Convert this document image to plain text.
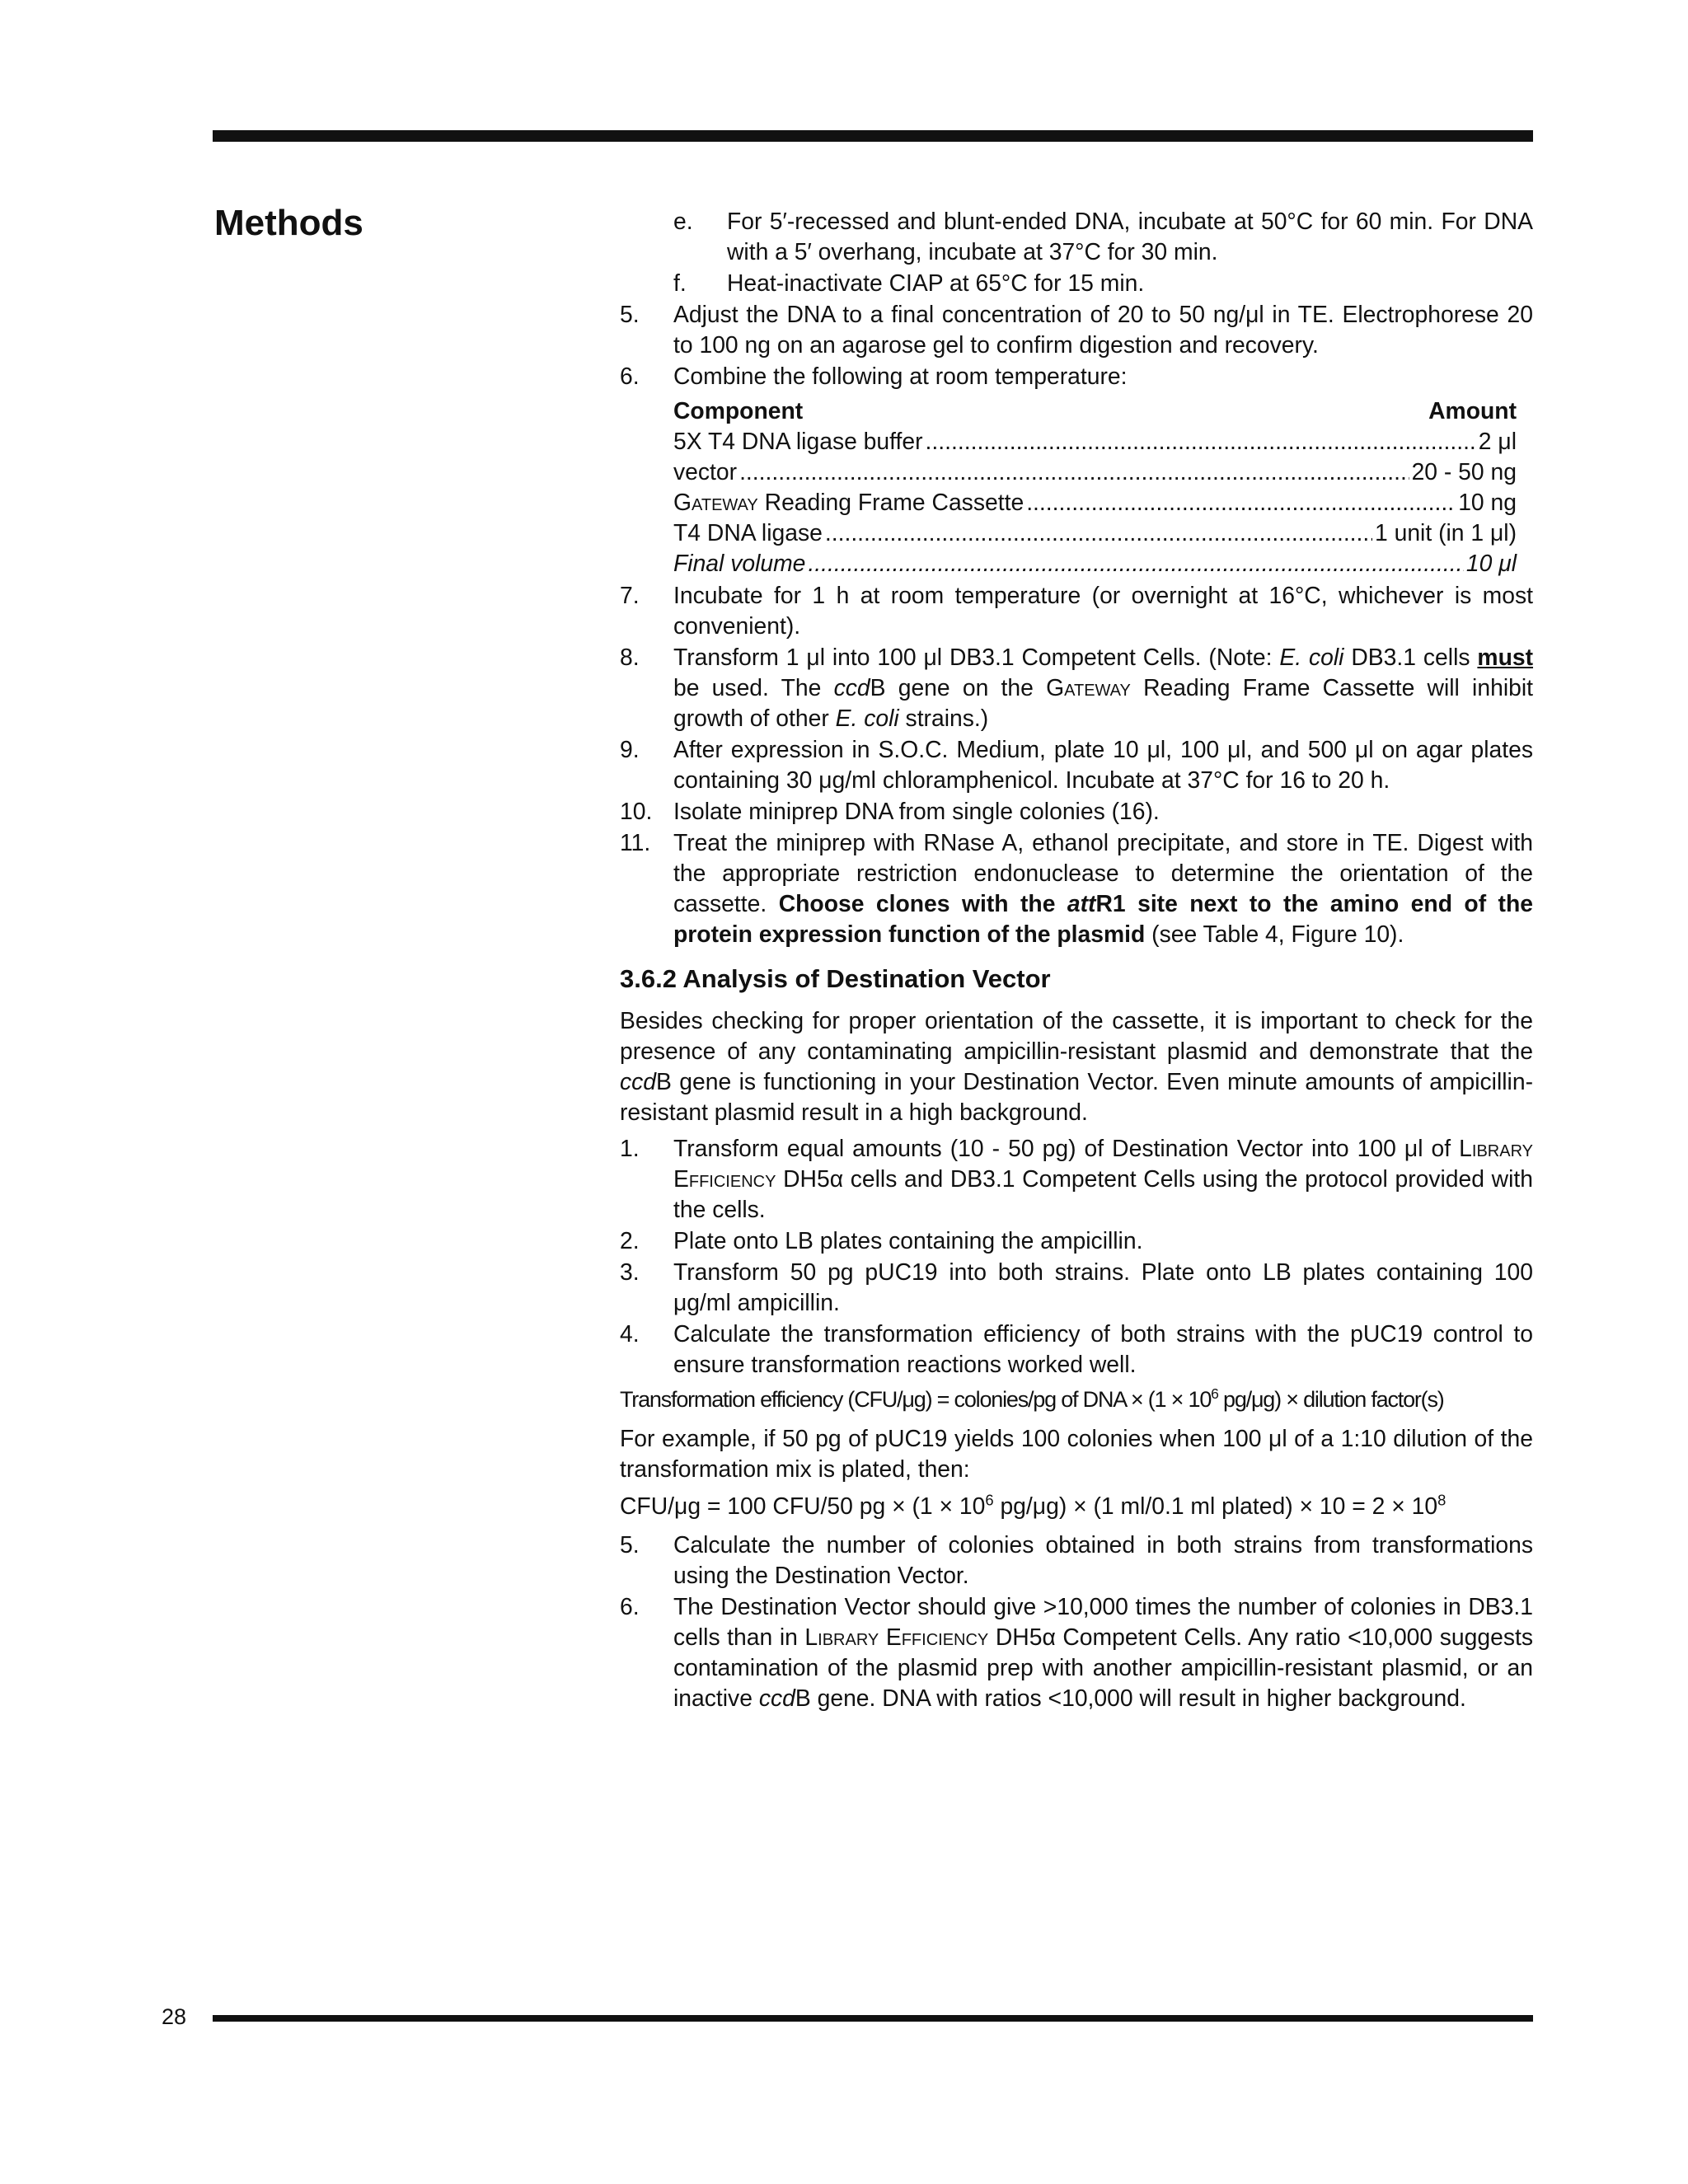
Methods	e. For 5′-recessed and blunt-ended DNA, incubate at 50°C for 60 min. For DNA with a 5′ overhang, incubate at 37°C for 30 min.
f. Heat-inactivate CIAP at 65°C for 15 min.
5. Adjust the DNA to a final concentration of 20 to 50 ng/μl in TE. Electrophorese 20 to 100 ng on an agarose gel to confirm digestion and recovery.
6. Combine the following at room temperature:
Component	Amount
5X T4 DNA ligase buffer .....	2 μl
vector .....	20 - 50 ng
Gateway Reading Frame Cassette .....	10 ng
T4 DNA ligase .....	1 unit (in 1 μl)
Final volume .....	10 μl
7. Incubate for 1 h at room temperature (or overnight at 16°C, whichever is most convenient).
8. Transform 1 μl into 100 μl DB3.1 Competent Cells. (Note: E. coli DB3.1 cells must be used. The ccdB gene on the Gateway Reading Frame Cassette will inhibit growth of other E. coli strains.)
9. After expression in S.O.C. Medium, plate 10 μl, 100 μl, and 500 μl on agar plates containing 30 μg/ml chloramphenicol. Incubate at 37°C for 16 to 20 h.
10. Isolate miniprep DNA from single colonies (16).
11. Treat the miniprep with RNase A, ethanol precipitate, and store in TE. Digest with the appropriate restriction endonuclease to determine the orientation of the cassette. Choose clones with the attR1 site next to the amino end of the protein expression function of the plasmid (see Table 4, Figure 10).
3.6.2 Analysis of Destination Vector
Besides checking for proper orientation of the cassette, it is important to check for the presence of any contaminating ampicillin-resistant plasmid and demonstrate that the ccdB gene is functioning in your Destination Vector. Even minute amounts of ampicillin-resistant plasmid result in a high background.
1. Transform equal amounts (10 - 50 pg) of Destination Vector into 100 μl of Library Efficiency DH5α cells and DB3.1 Competent Cells using the protocol provided with the cells.
2. Plate onto LB plates containing the ampicillin.
3. Transform 50 pg pUC19 into both strains. Plate onto LB plates containing 100 μg/ml ampicillin.
4. Calculate the transformation efficiency of both strains with the pUC19 control to ensure transformation reactions worked well.
Transformation efficiency (CFU/μg) = colonies/pg of DNA × ($1 \times 10^6$ pg/μg) × dilution factor(s)
For example, if 50 pg of pUC19 yields 100 colonies when 100 μl of a 1:10 dilution of the transformation mix is plated, then:
CFU/μg = 100 CFU/50 pg × ($1 \times 10^6$ pg/μg) × (1 ml/0.1 ml plated) × $10 = 2 \times 10^8$
5. Calculate the number of colonies obtained in both strains from transformations using the Destination Vector.
6. The Destination Vector should give >10,000 times the number of colonies in DB3.1 cells than in Library Efficiency DH5α Competent Cells. Any ratio <10,000 suggests contamination of the plasmid prep with another ampicillin-resistant plasmid, or an inactive ccdB gene. DNA with ratios <10,000 will result in higher background.
28
